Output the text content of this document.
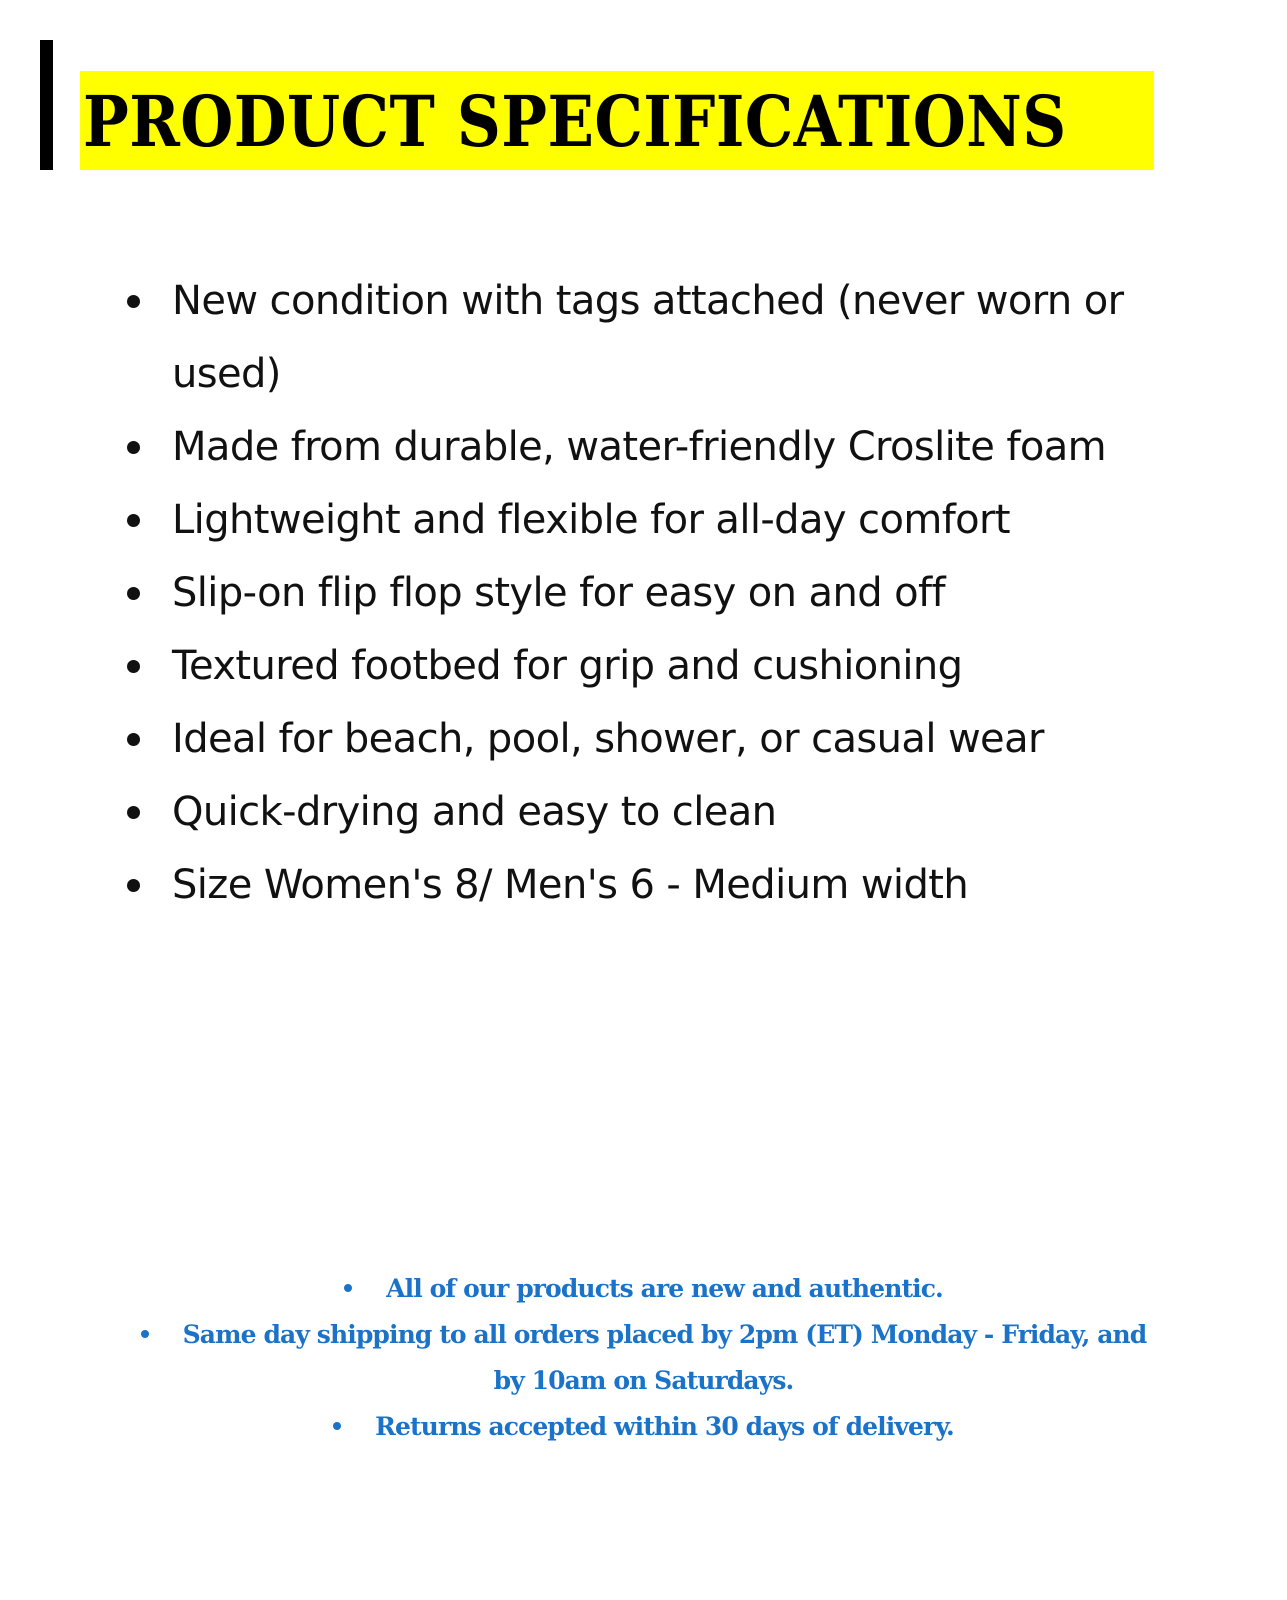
PRODUCT SPECIFICATIONS
New condition with tags attached (never worn or used)
Made from durable, water-friendly Croslite foam
Lightweight and flexible for all-day comfort
Slip-on flip flop style for easy on and off
Textured footbed for grip and cushioning
Ideal for beach, pool, shower, or casual wear
Quick-drying and easy to clean
Size Women's 8/ Men's 6 - Medium width
All of our products are new and authentic.
Same day shipping to all orders placed by 2pm (ET) Monday - Friday, and
by 10am on Saturdays.
Returns accepted within 30 days of delivery.
